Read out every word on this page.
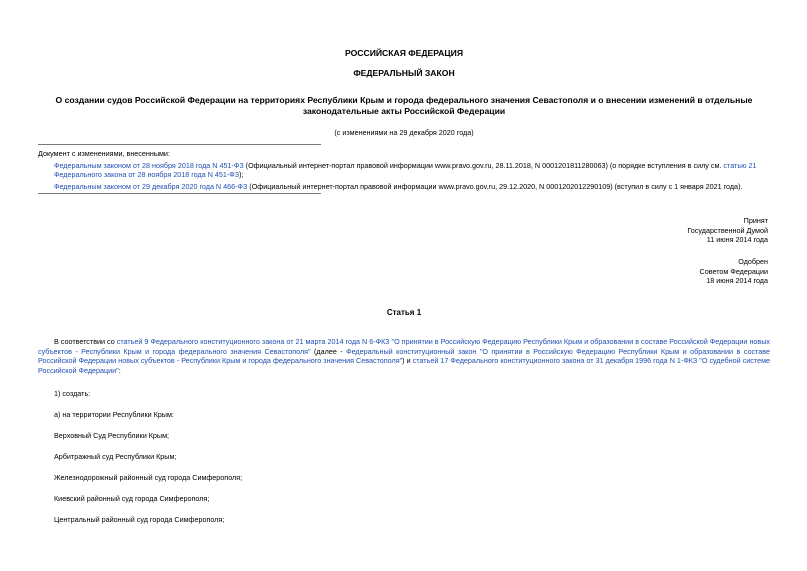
РОССИЙСКАЯ ФЕДЕРАЦИЯ
ФЕДЕРАЛЬНЫЙ ЗАКОН
О создании судов Российской Федерации на территориях Республики Крым и города федерального значения Севастополя и о внесении изменений в отдельные законодательные акты Российской Федерации
(с изменениями на 29 декабря 2020 года)

Документ с изменениями, внесенными:

Федеральным законом от 28 ноября 2018 года N 451-ФЗ (Официальный интернет-портал правовой информации www.pravo.gov.ru, 28.11.2018, N 0001201811280063) (о порядке вступления в силу см. статью 21 Федерального закона от 28 ноября 2018 года N 451-ФЗ);

Федеральным законом от 29 декабря 2020 года N 466-ФЗ (Официальный интернет-портал правовой информации www.pravo.gov.ru, 29.12.2020, N 0001202012290109) (вступил в силу с 1 января 2021 года).

Принят

Государственной Думой

11 июня 2014 года

Одобрен

Советом Федерации

18 июня 2014 года

Статья 1

В соответствии со статьей 9 Федерального конституционного закона от 21 марта 2014 года N 6-ФКЗ "О принятии в Российскую Федерацию Республики Крым и образовании в составе Российской Федерации новых субъектов - Республики Крым и города федерального значения Севастополя" (далее - Федеральный конституционный закон "О принятии в Российскую Федерацию Республики Крым и образовании в составе Российской Федерации новых субъектов - Республики Крым и города федерального значения Севастополя") и статьей 17 Федерального конституционного закона от 31 декабря 1996 года N 1-ФКЗ "О судебной системе Российской Федерации":

1) создать:
а) на территории Республики Крым:
Верховный Суд Республики Крым;
Арбитражный суд Республики Крым;
Железнодорожный районный суд города Симферополя;
Киевский районный суд города Симферополя;
Центральный районный суд города Симферополя;
